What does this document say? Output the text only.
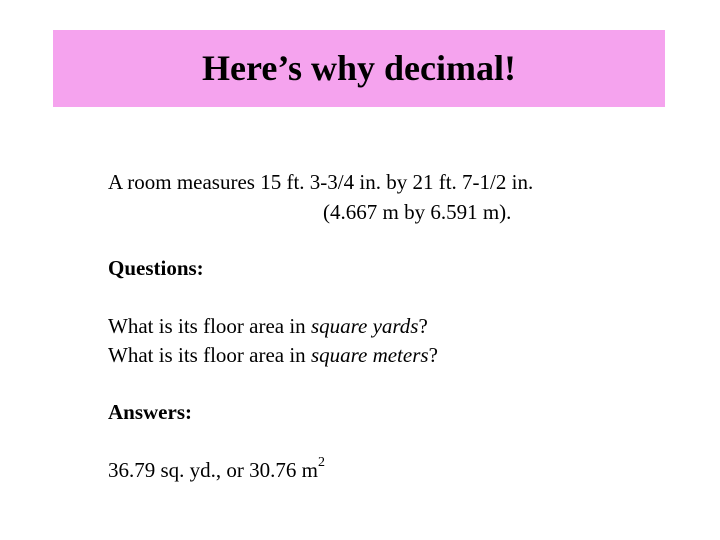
Here’s why decimal!
A room measures 15 ft. 3-3/4 in. by 21 ft. 7-1/2 in.
(4.667 m by 6.591 m).
Questions:
What is its floor area in square yards?
What is its floor area in square meters?
Answers:
36.79 sq. yd., or 30.76 $m^2$
